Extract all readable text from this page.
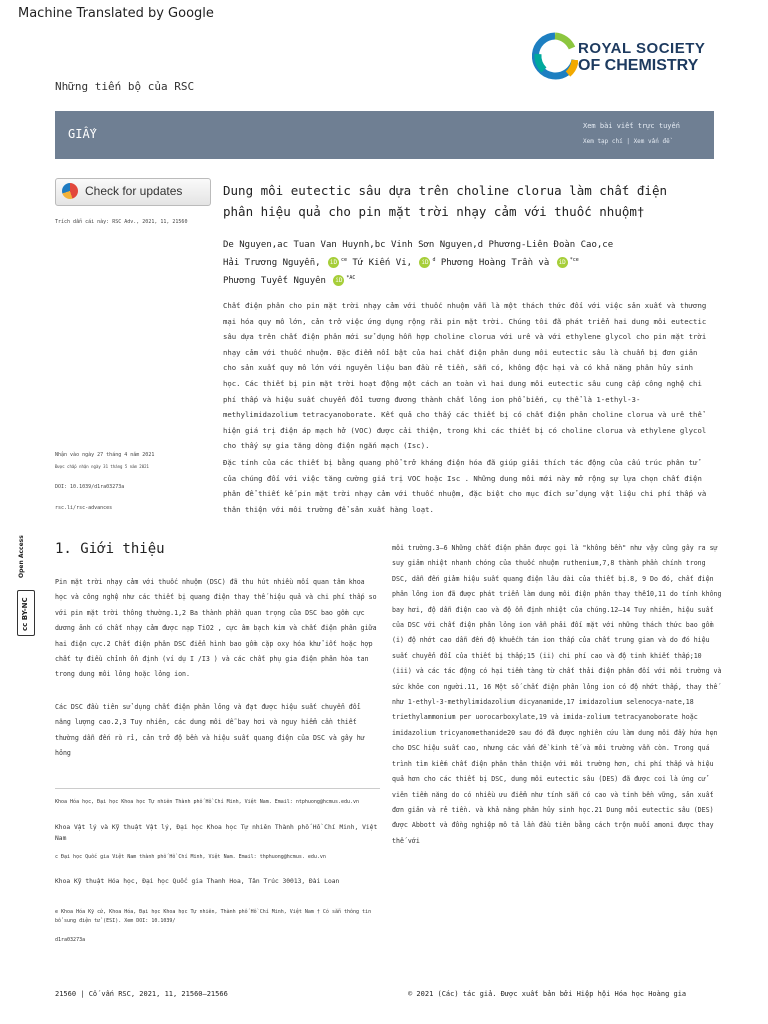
Machine Translated by Google
ROYAL SOCIETY
OF CHEMISTRY
Những tiến bộ của RSC
GIẤY
Xem bài viết trực tuyến
Xem tạp chí | Xem vấn đề
Check for updates
Trích dẫn cái này: RSC Adv., 2021, 11, 21560
Dung môi eutectic sâu dựa trên choline clorua làm chất điện phân hiệu quả cho pin mặt trời nhạy cảm với thuốc nhuộm†
De Nguyen,ac Tuan Van Huynh,bc Vinh Sơn Nguyen,d Phương-Liên Đoàn Cao,ce
Hải Trương Nguyễn, iD $^{ce}$ Tứ Kiến Vi, iD $^d$ Phương Hoàng Trần và iD $^{*ce}$
Phương Tuyết Nguyên iD $^{*AC}$
Chất điện phân cho pin mặt trời nhạy cảm với thuốc nhuộm vẫn là một thách thức đối với việc sản xuất và thương mại hóa quy mô lớn, cản trở việc ứng dụng rộng rãi pin mặt trời. Chúng tôi đã phát triển hai dung môi eutectic sâu dựa trên chất điện phân mới sử dụng hỗn hợp choline clorua với urê và với ethylene glycol cho pin mặt trời nhạy cảm với thuốc nhuộm. Đặc điểm nổi bật của hai chất điện phân dung môi eutectic sâu là chuẩn bị đơn giản cho sản xuất quy mô lớn với nguyên liệu ban đầu rẻ tiền, sẵn có, không độc hại và có khả năng phân hủy sinh học. Các thiết bị pin mặt trời hoạt động một cách an toàn vì hai dung môi eutectic sâu cung cấp công nghệ chi phí thấp và hiệu suất chuyển đổi tương đương thành chất lỏng ion phổ biến, cụ thể là 1-ethyl-3-methylimidazolium tetracyanoborate. Kết quả cho thấy các thiết bị có chất điện phân choline clorua và urê thể hiện giá trị điện áp mạch hở (VOC) được cải thiện, trong khi các thiết bị có choline clorua và ethylene glycol cho thấy sự gia tăng dòng điện ngắn mạch (Isc).
Đặc tính của các thiết bị bằng quang phổ trở kháng điện hóa đã giúp giải thích tác động của cấu trúc phân tử của chúng đối với việc tăng cường giá trị VOC hoặc Isc . Những dung môi mới này mở rộng sự lựa chọn chất điện phân để thiết kế pin mặt trời nhạy cảm với thuốc nhuộm, đặc biệt cho mục đích sử dụng vật liệu chi phí thấp và thân thiện với môi trường để sản xuất hàng loạt.
Nhận vào ngày 27 tháng 4 năm 2021
Được chấp nhận ngày 31 tháng 5 năm 2021
DOI: 10.1039/d1ra03273a
rsc.li/rsc-advances
Open Access
cc BY-NC
1. Giới thiệu
Pin mặt trời nhạy cảm với thuốc nhuộm (DSC) đã thu hút nhiều mối quan tâm khoa học và công nghệ như các thiết bị quang điện thay thế hiệu quả và chi phí thấp so với pin mặt trời thông thường.1,2 Ba thành phần quan trọng của DSC bao gồm cực dương ảnh có chất nhạy cảm được nạp TiO2 , cực âm bạch kim và chất điện phân giữa hai điện cực.2 Chất điện phân DSC điển hình bao gồm cặp oxy hóa khử iốt hoặc hợp chất tự điều chỉnh ổn định (ví dụ I /I3 ) và các chất phụ gia điện phân hòa tan trong dung môi lỏng hoặc lỏng ion.
Các DSC đầu tiên sử dụng chất điện phân lỏng và đạt được hiệu suất chuyển đổi năng lượng cao.2,3 Tuy nhiên, các dung môi dễ bay hơi và nguy hiểm cần thiết thường dẫn đến rò rỉ, cản trở độ bền và hiệu suất quang điện của DSC và gây hư hỏng
môi trường.3–6 Những chất điện phân được gọi là "không bền" như vậy cũng gây ra sự suy giảm nhiệt nhanh chóng của thuốc nhuộm ruthenium,7,8 thành phần chính trong DSC, dẫn đến giảm hiệu suất quang điện lâu dài của thiết bị.8, 9 Do đó, chất điện phân lỏng ion đã được phát triển làm dung môi điện phân thay thế10,11 do tính không bay hơi, độ dẫn điện cao và độ ổn định nhiệt của chúng.12–14 Tuy nhiên, hiệu suất của DSC với chất điện phân lỏng ion vẫn phải đối mặt với những thách thức bao gồm (i) độ nhớt cao dẫn đến độ khuếch tán ion thấp của chất trung gian và do đó hiệu suất chuyển đổi của thiết bị thấp;15 (ii) chi phí cao và độ tinh khiết thấp;10 (iii) và các tác động có hại tiềm tàng từ chất thải điện phân đối với môi trường và sức khỏe con người.11, 16 Một số chất điện phân lỏng ion có độ nhớt thấp, thay thế như 1-ethyl-3-methylimidazolium dicyanamide,17 imidazolium selenocya-nate,18 triethylammonium per uorocarboxylate,19 và imida-zolium tetracyanoborate hoặc imidazolium tricyanomethanide20 sau đó đã được nghiên cứu làm dung môi đầy hứa hẹn cho DSC hiệu suất cao, nhưng các vấn đề kinh tế và môi trường vẫn còn. Trong quá trình tìm kiếm chất điện phân thân thiện với môi trường hơn, chi phí thấp và hiệu quả hơn cho các thiết bị DSC, dung môi eutectic sâu (DES) đã được coi là ứng cử viên tiềm năng do có nhiều ưu điểm như tính sẵn có cao và tính bền vững, sản xuất đơn giản và rẻ tiền. và khả năng phân hủy sinh học.21 Dung môi eutectic sâu (DES) được Abbott và đồng nghiệp mô tả lần đầu tiên bằng cách trộn muối amoni được thay thế với
Khoa Hóa học, Đại học Khoa học Tự nhiên Thành phố Hồ Chí Minh, Việt Nam. Email: ntphuong@hcmus.edu.vn
Khoa Vật lý và Kỹ thuật Vật lý, Đại học Khoa học Tự nhiên Thành phố Hồ Chí Minh, Việt Nam
c Đại học Quốc gia Việt Nam thành phố Hồ Chí Minh, Việt Nam. Email: thphuong@hcmus. edu.vn
Khoa Kỹ thuật Hóa học, Đại học Quốc gia Thanh Hoa, Tân Trúc 30013, Đài Loan
e Khoa Hóa Kỹ cứ, Khoa Hóa, Đại học Khoa học Tự nhiên, Thành phố Hồ Chí Minh, Việt Nam † Có sẵn thông tin bổ sung điện tử (ESI). Xem DOI: 10.1039/
d1ra03273a
21560 | Cố vấn RSC, 2021, 11, 21560–21566	© 2021 (Các) tác giả. Được xuất bản bởi Hiệp hội Hóa học Hoàng gia
